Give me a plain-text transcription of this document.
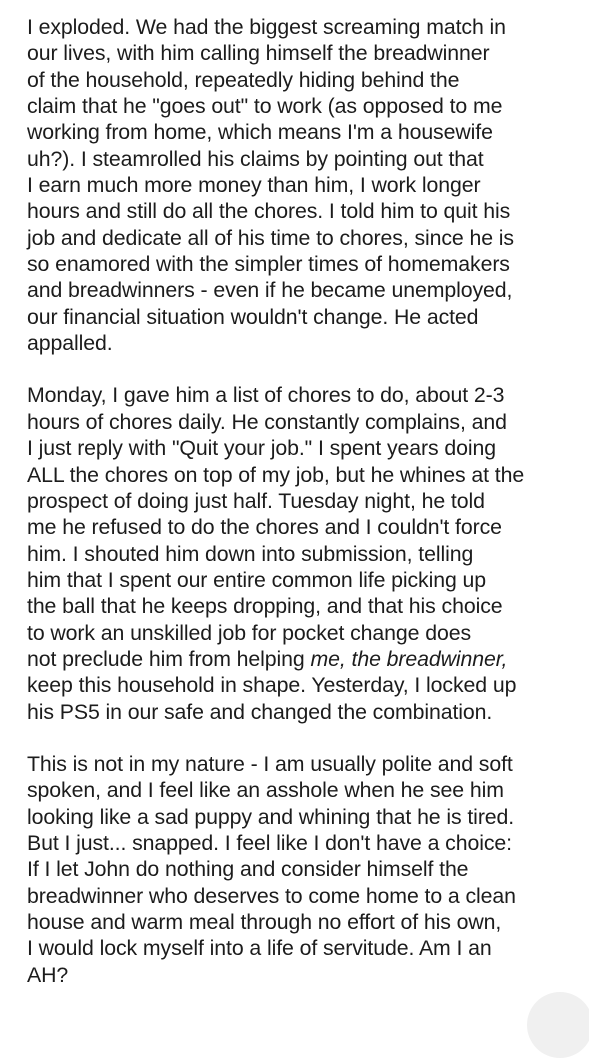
I exploded. We had the biggest screaming match in
our lives, with him calling himself the breadwinner
of the household, repeatedly hiding behind the
claim that he "goes out" to work (as opposed to me
working from home, which means I'm a housewife
uh?). I steamrolled his claims by pointing out that
I earn much more money than him, I work longer
hours and still do all the chores. I told him to quit his
job and dedicate all of his time to chores, since he is
so enamored with the simpler times of homemakers
and breadwinners - even if he became unemployed,
our financial situation wouldn't change. He acted
appalled.
Monday, I gave him a list of chores to do, about 2-3
hours of chores daily. He constantly complains, and
I just reply with "Quit your job." I spent years doing
ALL the chores on top of my job, but he whines at the
prospect of doing just half. Tuesday night, he told
me he refused to do the chores and I couldn't force
him. I shouted him down into submission, telling
him that I spent our entire common life picking up
the ball that he keeps dropping, and that his choice
to work an unskilled job for pocket change does
not preclude him from helping me, the breadwinner,
keep this household in shape. Yesterday, I locked up
his PS5 in our safe and changed the combination.
This is not in my nature - I am usually polite and soft
spoken, and I feel like an asshole when he see him
looking like a sad puppy and whining that he is tired.
But I just... snapped. I feel like I don't have a choice:
If I let John do nothing and consider himself the
breadwinner who deserves to come home to a clean
house and warm meal through no effort of his own,
I would lock myself into a life of servitude. Am I an
AH?
